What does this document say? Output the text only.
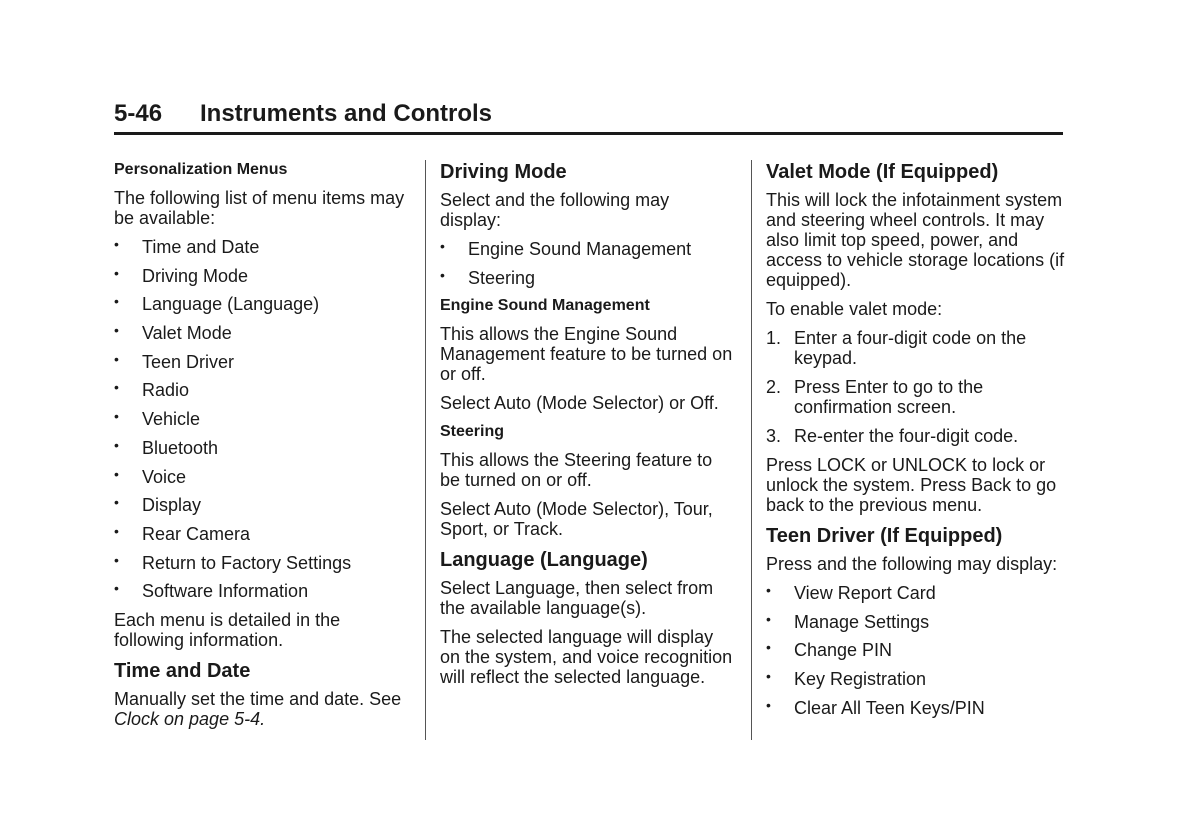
5-46	Instruments and Controls
Personalization Menus

The following list of menu items may be available:

• Time and Date
• Driving Mode
• Language (Language)
• Valet Mode
• Teen Driver
• Radio
• Vehicle
• Bluetooth
• Voice
• Display
• Rear Camera
• Return to Factory Settings
• Software Information

Each menu is detailed in the following information.

Time and Date

Manually set the time and date. See Clock on page 5-4.

Driving Mode

Select and the following may display:

• Engine Sound Management
• Steering
Engine Sound Management

This allows the Engine Sound Management feature to be turned on or off.

Select Auto (Mode Selector) or Off.

Steering

This allows the Steering feature to be turned on or off.

Select Auto (Mode Selector), Tour, Sport, or Track.

Language (Language)

Select Language, then select from the available language(s).

The selected language will display on the system, and voice recognition will reflect the selected language.

Valet Mode (If Equipped)

This will lock the infotainment system and steering wheel controls. It may also limit top speed, power, and access to vehicle storage locations (if equipped).

To enable valet mode:

1. Enter a four-digit code on the keypad.
2. Press Enter to go to the confirmation screen.
3. Re-enter the four-digit code.

Press LOCK or UNLOCK to lock or unlock the system. Press Back to go back to the previous menu.

Teen Driver (If Equipped)

Press and the following may display:

• View Report Card
• Manage Settings
• Change PIN
• Key Registration
• Clear All Teen Keys/PIN
